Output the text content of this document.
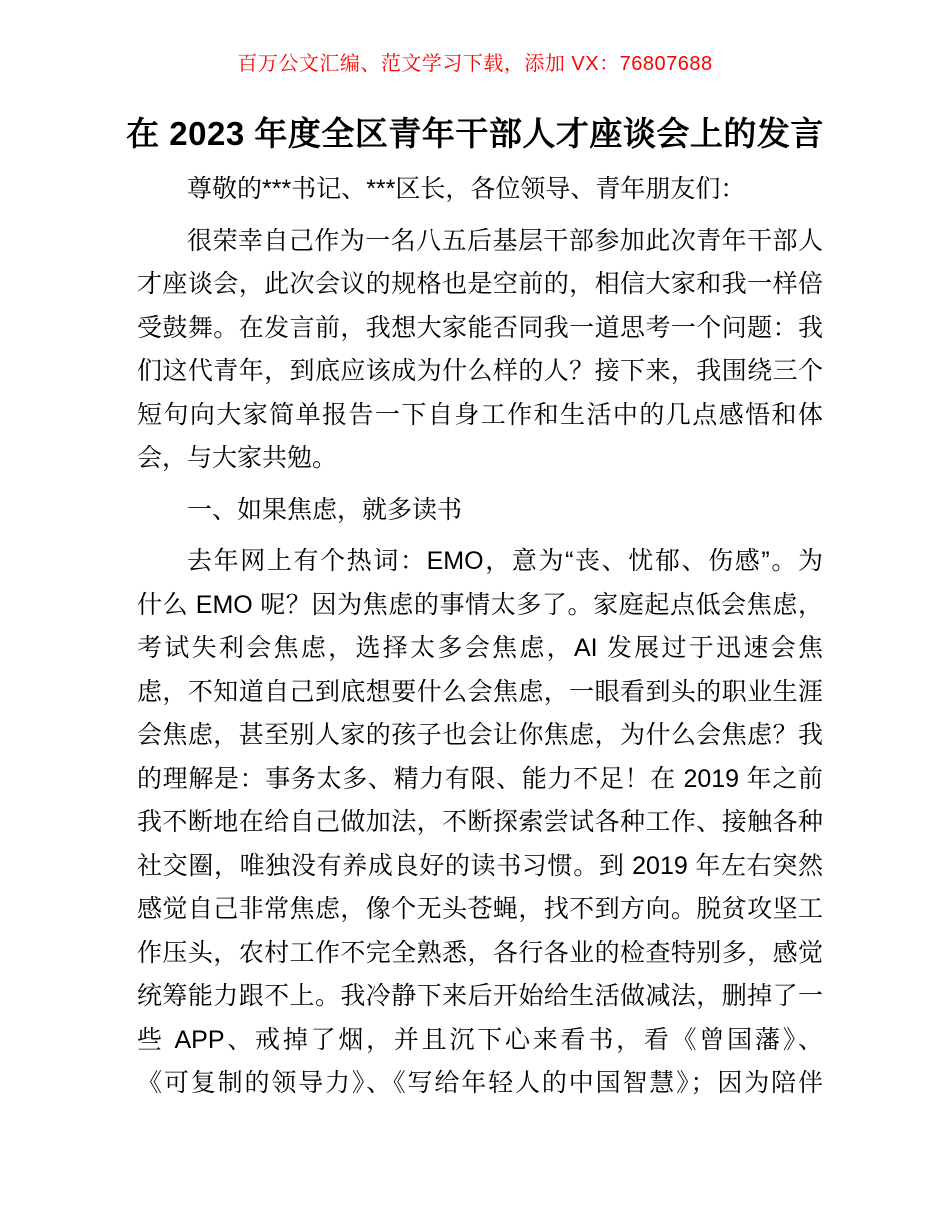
百万公文汇编、范文学习下载，添加 VX：76807688
在 2023 年度全区青年干部人才座谈会上的发言
尊敬的***书记、***区长，各位领导、青年朋友们：
很荣幸自己作为一名八五后基层干部参加此次青年干部人
才座谈会，此次会议的规格也是空前的，相信大家和我一样倍
受鼓舞。在发言前，我想大家能否同我一道思考一个问题：我
们这代青年，到底应该成为什么样的人？接下来，我围绕三个
短句向大家简单报告一下自身工作和生活中的几点感悟和体
会，与大家共勉。
一、如果焦虑，就多读书
去年网上有个热词：EMO，意为“丧、忧郁、伤感”。为
什么 EMO 呢？因为焦虑的事情太多了。家庭起点低会焦虑，
考试失利会焦虑，选择太多会焦虑，AI 发展过于迅速会焦
虑，不知道自己到底想要什么会焦虑，一眼看到头的职业生涯
会焦虑，甚至别人家的孩子也会让你焦虑，为什么会焦虑？我
的理解是：事务太多、精力有限、能力不足！在 2019 年之前
我不断地在给自己做加法，不断探索尝试各种工作、接触各种
社交圈，唯独没有养成良好的读书习惯。到 2019 年左右突然
感觉自己非常焦虑，像个无头苍蝇，找不到方向。脱贫攻坚工
作压头，农村工作不完全熟悉，各行各业的检查特别多，感觉
统筹能力跟不上。我冷静下来后开始给生活做减法，删掉了一
些 APP、戒掉了烟，并且沉下心来看书，看《曾国藩》、
《可复制的领导力》、《写给年轻人的中国智慧》；因为陪伴
